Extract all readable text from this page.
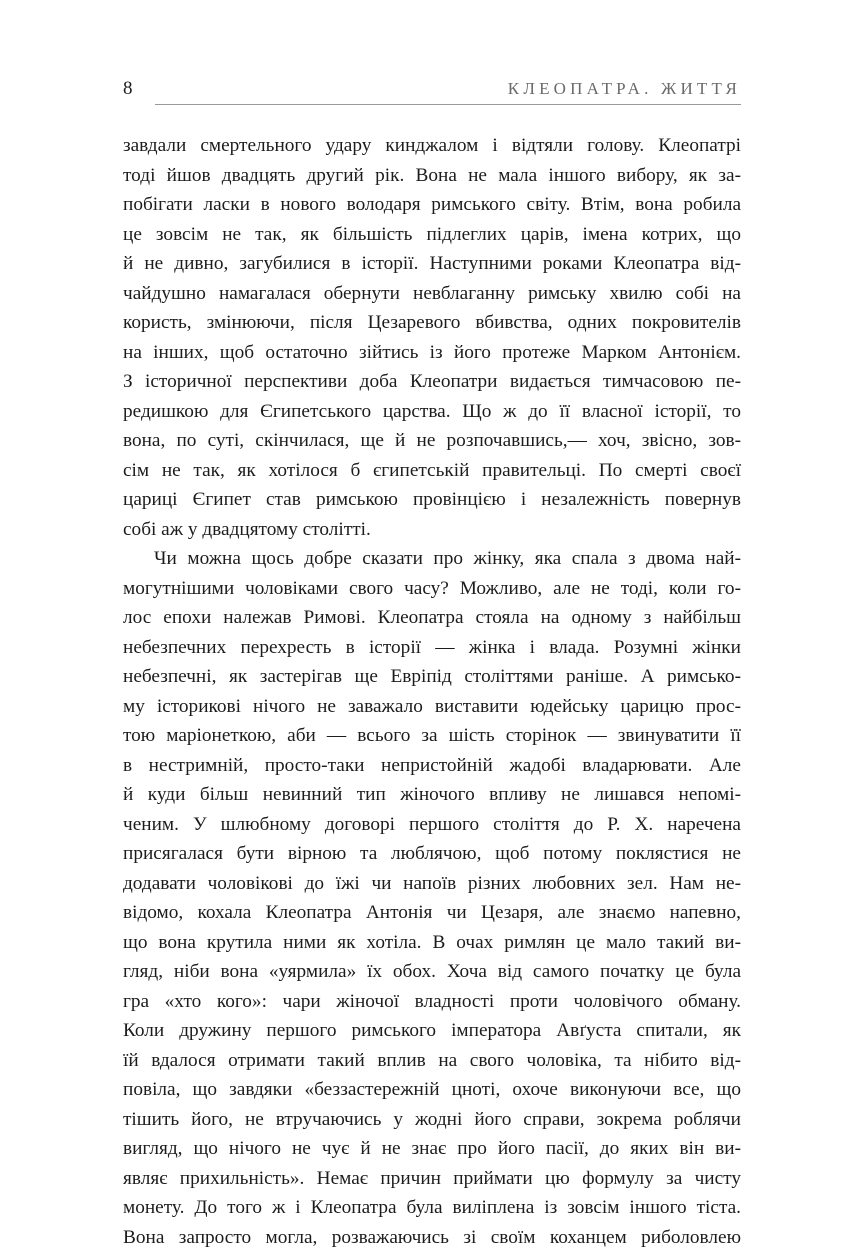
8	КЛЕОПАТРА. ЖИТТЯ
завдали смертельного удару кинджалом і відтяли голову. Клеопатрі
тоді йшов двадцять другий рік. Вона не мала іншого вибору, як за-
побігати ласки в нового володаря римського світу. Втім, вона робила
це зовсім не так, як більшість підлеглих царів, імена котрих, що
й не дивно, загубилися в історії. Наступними роками Клеопатра від-
чайдушно намагалася обернути невблаганну римську хвилю собі на
користь, змінюючи, після Цезаревого вбивства, одних покровителів
на інших, щоб остаточно зійтись із його протеже Марком Антонієм.
З історичної перспективи доба Клеопатри видається тимчасовою пе-
редишкою для Єгипетського царства. Що ж до її власної історії, то
вона, по суті, скінчилася, ще й не розпочавшись,— хоч, звісно, зов-
сім не так, як хотілося б єгипетській правительці. По смерті своєї
цариці Єгипет став римською провінцією і незалежність повернув
собі аж у двадцятому столітті.
Чи можна щось добре сказати про жінку, яка спала з двома най-
могутнішими чоловіками свого часу? Можливо, але не тоді, коли го-
лос епохи належав Римові. Клеопатра стояла на одному з найбільш
небезпечних перехресть в історії — жінка і влада. Розумні жінки
небезпечні, як застерігав ще Евріпід століттями раніше. А римсько-
му історикові нічого не заважало виставити юдейську царицю прос-
тою маріонеткою, аби — всього за шість сторінок — звинуватити її
в нестримній, просто-таки непристойній жадобі владарювати. Але
й куди більш невинний тип жіночого впливу не лишався непомі-
ченим. У шлюбному договорі першого століття до Р. Х. наречена
присягалася бути вірною та люблячою, щоб потому поклястися не
додавати чоловікові до їжі чи напоїв різних любовних зел. Нам не-
відомо, кохала Клеопатра Антонія чи Цезаря, але знаємо напевно,
що вона крутила ними як хотіла. В очах римлян це мало такий ви-
гляд, ніби вона «уярмила» їх обох. Хоча від самого початку це була
гра «хто кого»: чари жіночої владності проти чоловічого обману.
Коли дружину першого римського імператора Авґуста спитали, як
їй вдалося отримати такий вплив на свого чоловіка, та нібито від-
повіла, що завдяки «беззастережній цноті, охоче виконуючи все, що
тішить його, не втручаючись у жодні його справи, зокрема роблячи
вигляд, що нічого не чує й не знає про його пасії, до яких він ви-
являє прихильність». Немає причин приймати цю формулу за чисту
монету. До того ж і Клеопатра була виліплена із зовсім іншого тіста.
Вона запросто могла, розважаючись зі своїм коханцем риболовлею
